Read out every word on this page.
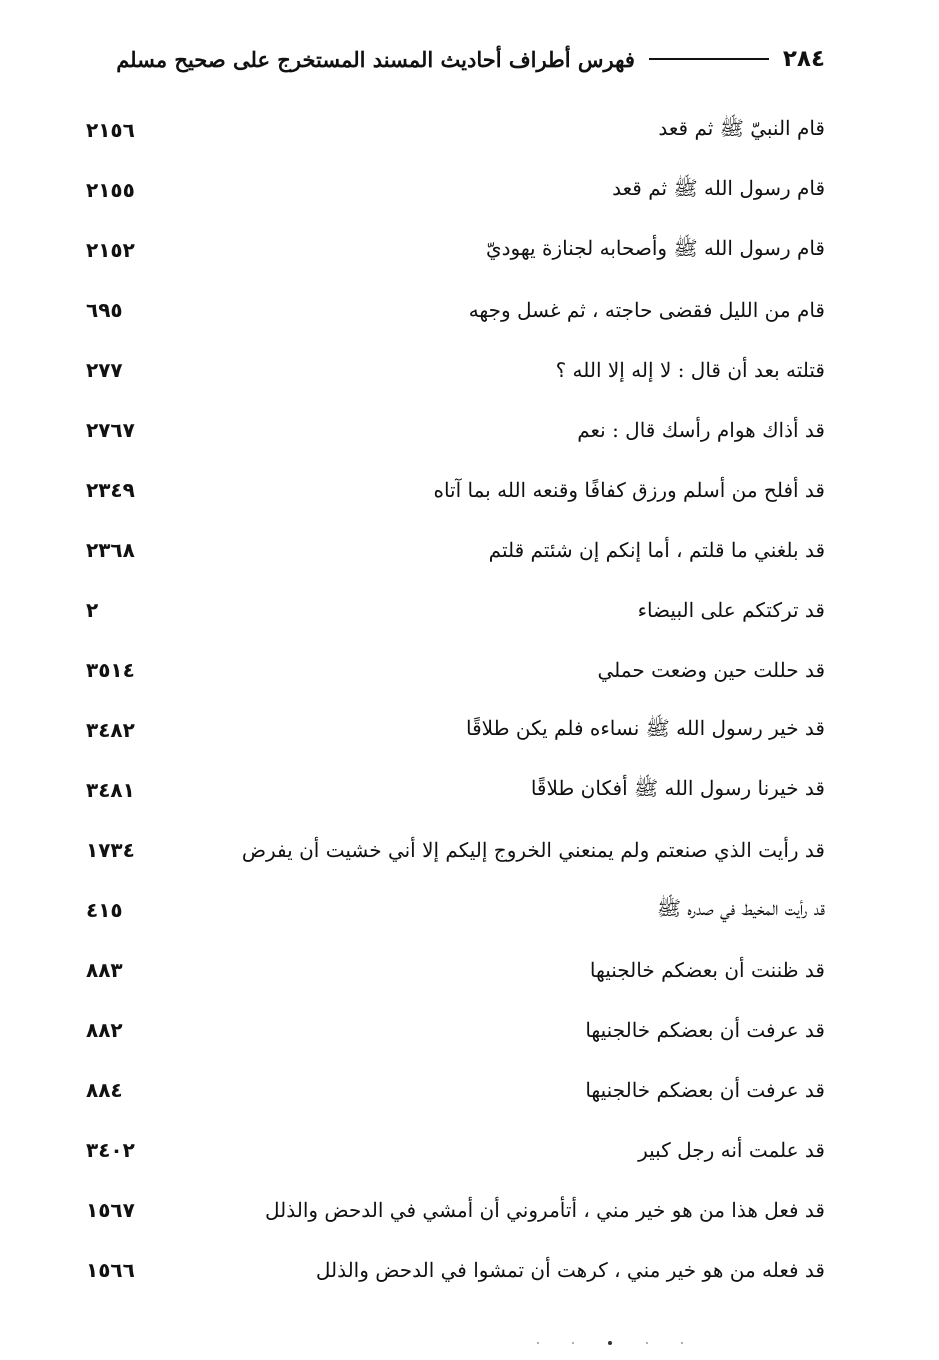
٢٨٤
فهرس أطراف أحاديث المسند المستخرج على صحيح مسلم
٢١٥٦	قام النبيّ ﷺ ثم قعد
٢١٥٥	قام رسول الله ﷺ ثم قعد
٢١٥٢	قام رسول الله ﷺ وأصحابه لجنازة يهوديّ
٦٩٥	قام من الليل فقضى حاجته ، ثم غسل وجهه
٢٧٧	قتلته بعد أن قال : لا إله إلا الله ؟
٢٧٦٧	قد أذاك هوام رأسك قال : نعم
٢٣٤٩	قد أفلح من أسلم ورزق كفافًا وقنعه الله بما آتاه
٢٣٦٨	قد بلغني ما قلتم ، أما إنكم إن شئتم قلتم
٢	قد تركتكم على البيضاء
٣٥١٤	قد حللت حين وضعت حملي
٣٤٨٢	قد خير رسول الله ﷺ نساءه فلم يكن طلاقًا
٣٤٨١	قد خيرنا رسول الله ﷺ أفكان طلاقًا
١٧٣٤	قد رأيت الذي صنعتم ولم يمنعني الخروج إليكم إلا أني خشيت أن يفرض
٤١٥	قد رأيت المخيط في صدره ﷺ
٨٨٣	قد ظننت أن بعضكم خالجنيها
٨٨٢	قد عرفت أن بعضكم خالجنيها
٨٨٤	قد عرفت أن بعضكم خالجنيها
٣٤٠٢	قد علمت أنه رجل كبير
١٥٦٧	قد فعل هذا من هو خير مني ، أتأمروني أن أمشي في الدحض والذلل
١٥٦٦	قد فعله من هو خير مني ، كرهت أن تمشوا في الدحض والذلل
